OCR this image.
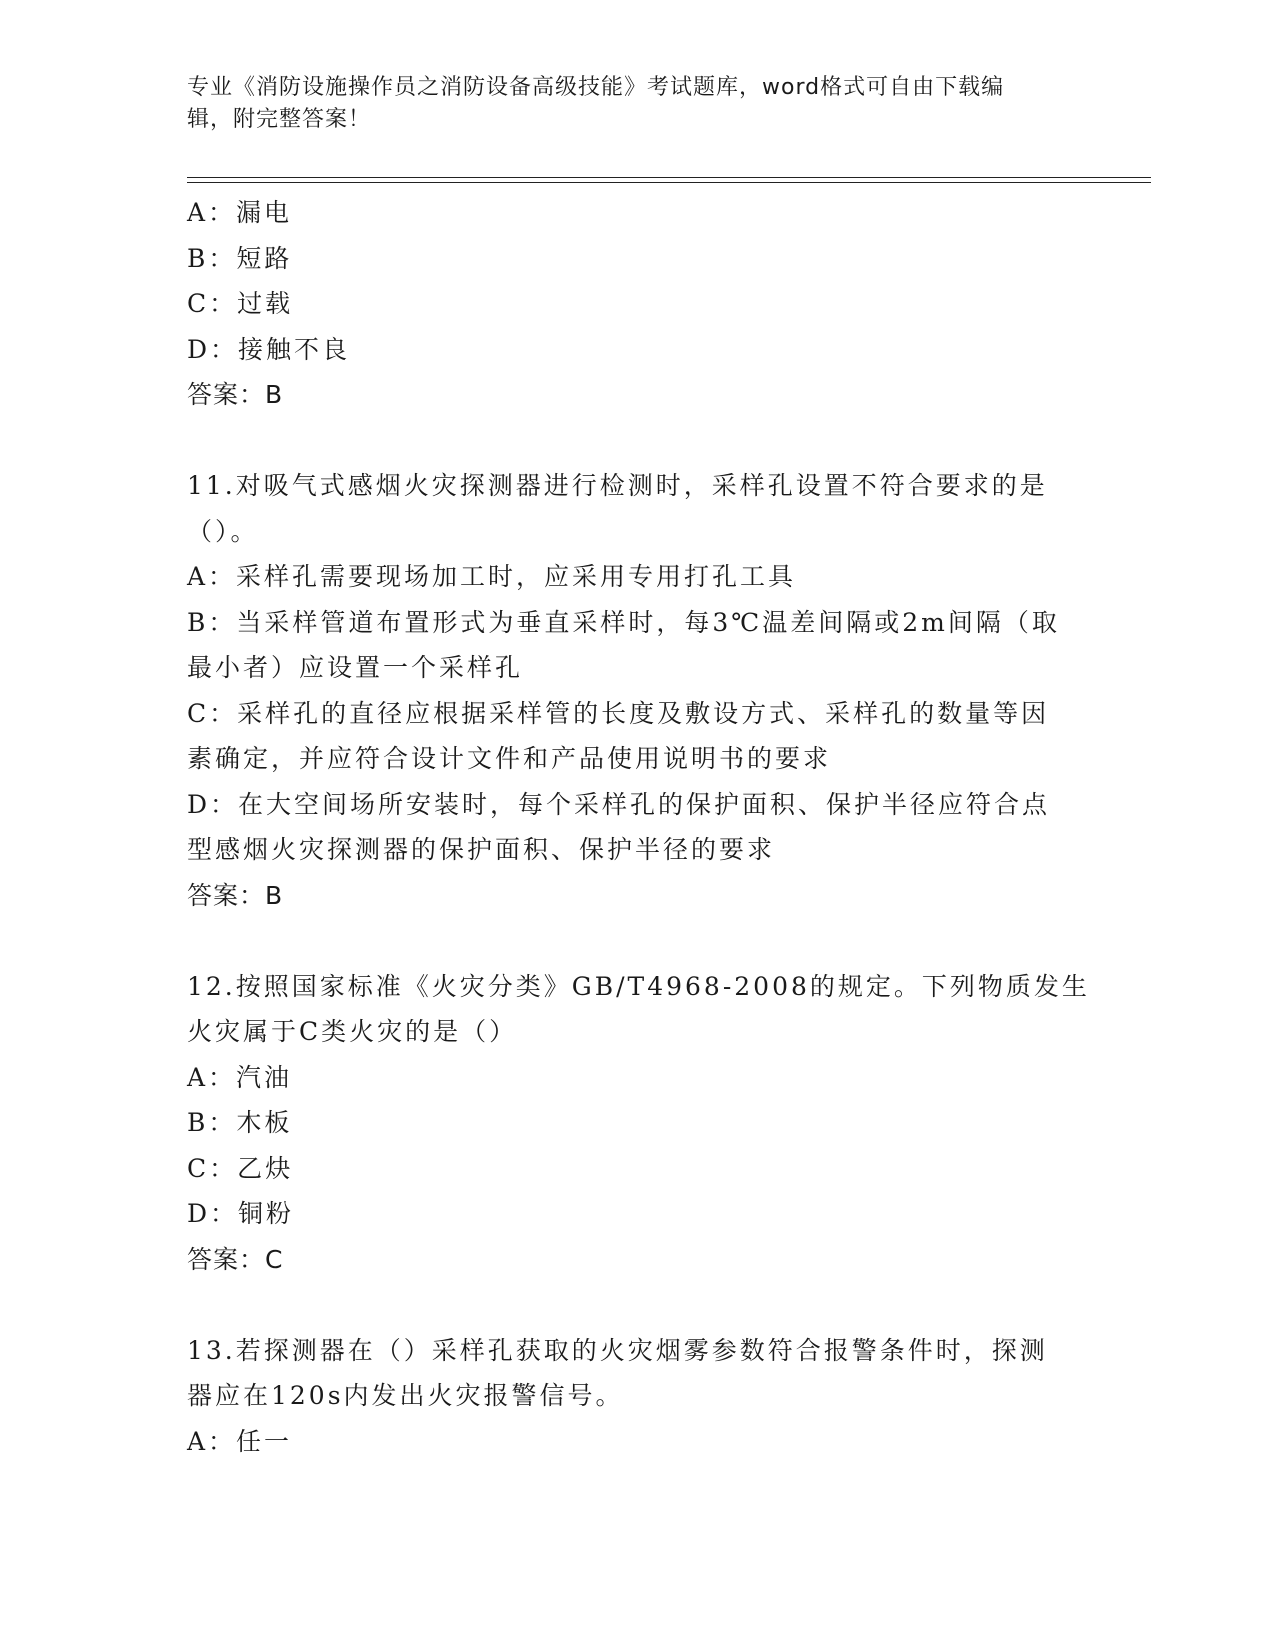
专业《消防设施操作员之消防设备高级技能》考试题库，word格式可自由下载编
辑，附完整答案！
A：漏电
B：短路
C：过载
D：接触不良
答案：B
11.对吸气式感烟火灾探测器进行检测时，采样孔设置不符合要求的是
（）。
A：采样孔需要现场加工时，应采用专用打孔工具
B：当采样管道布置形式为垂直采样时，每3℃温差间隔或2m间隔（取
最小者）应设置一个采样孔
C：采样孔的直径应根据采样管的长度及敷设方式、采样孔的数量等因
素确定，并应符合设计文件和产品使用说明书的要求
D：在大空间场所安装时，每个采样孔的保护面积、保护半径应符合点
型感烟火灾探测器的保护面积、保护半径的要求
答案：B
12.按照国家标准《火灾分类》GB/T4968-2008的规定。下列物质发生
火灾属于C类火灾的是（）
A：汽油
B：木板
C：乙炔
D：铜粉
答案：C
13.若探测器在（）采样孔获取的火灾烟雾参数符合报警条件时，探测
器应在120s内发出火灾报警信号。
A：任一
